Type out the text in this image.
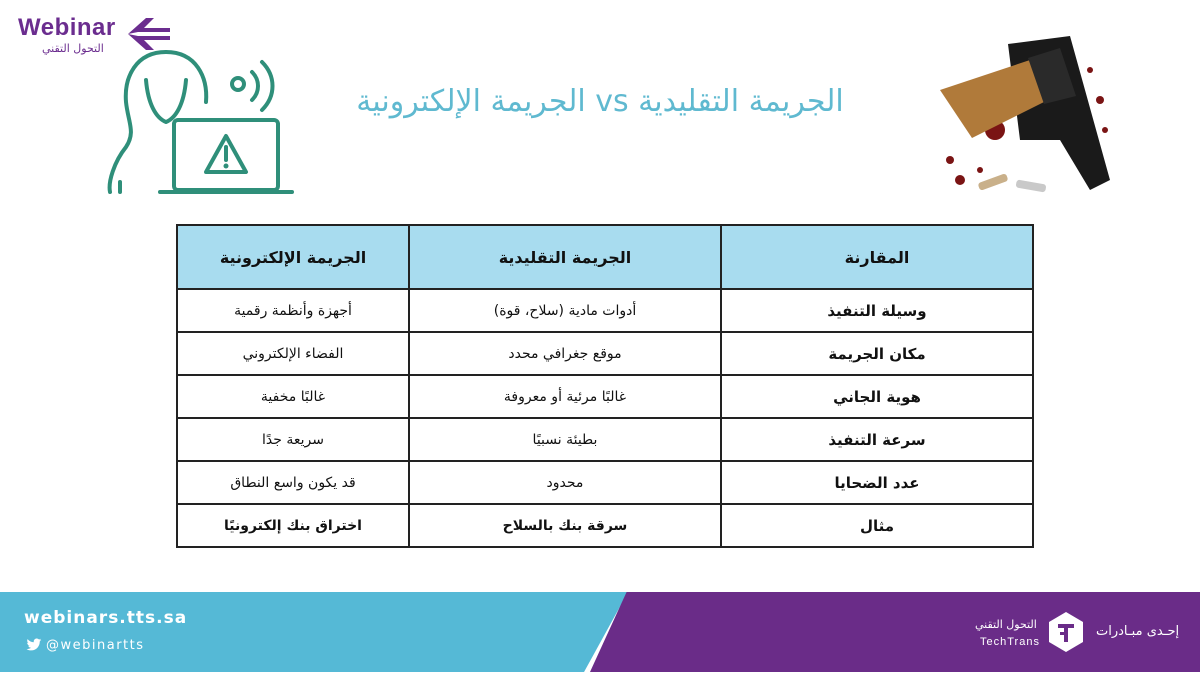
Webinar
التحول التقني
الجريمة التقليدية vs الجريمة الإلكترونية
المقارنة	الجريمة التقليدية	الجريمة الإلكترونية
وسيلة التنفيذ	أدوات مادية (سلاح، قوة)	أجهزة وأنظمة رقمية
مكان الجريمة	موقع جغرافي محدد	الفضاء الإلكتروني
هوية الجاني	غالبًا مرئية أو معروفة	غالبًا مخفية
سرعة التنفيذ	بطيئة نسبيًا	سريعة جدًا
عدد الضحايا	محدود	قد يكون واسع النطاق
مثال	سرقة بنك بالسلاح	اختراق بنك إلكترونيًا
webinars.tts.sa
@webinartts
التحول التقني
TechTrans
إحـدى مبـادرات
